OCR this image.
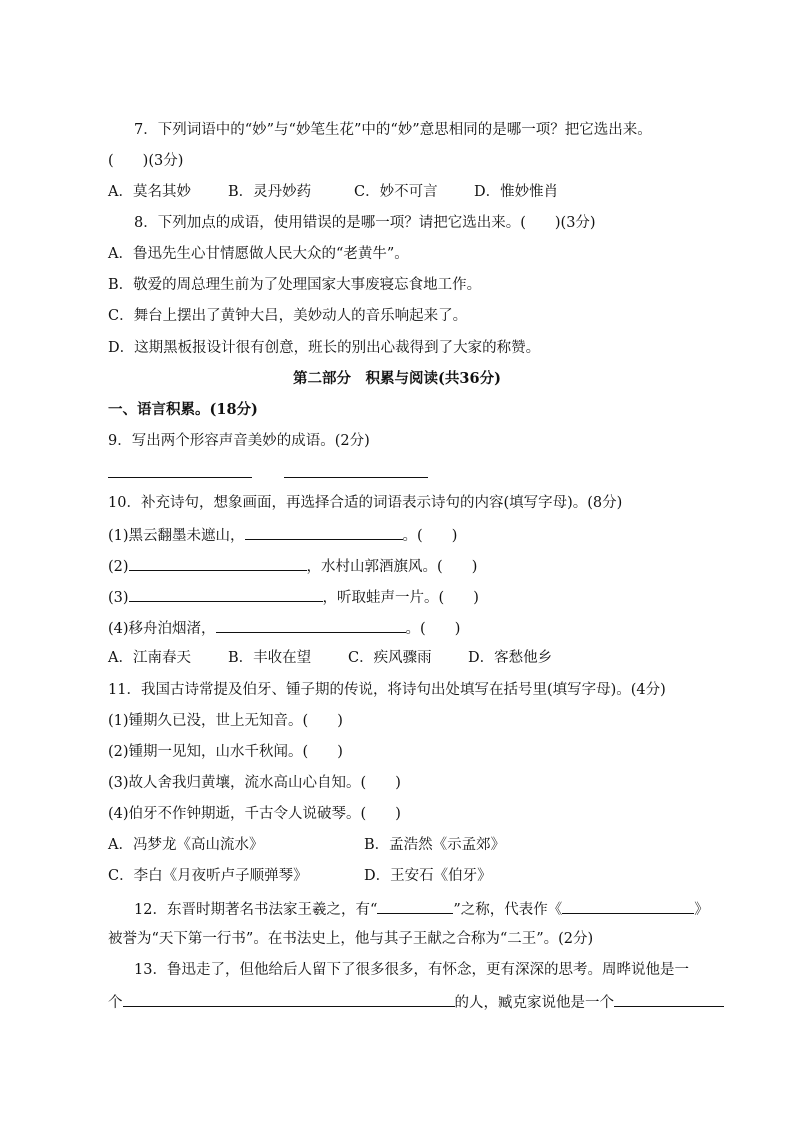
7．下列词语中的“妙”与“妙笔生花”中的“妙”意思相同的是哪一项？把它选出来。
(　　)(3分)
A．莫名其妙	B．灵丹妙药	C．妙不可言	D．惟妙惟肖
8．下列加点的成语，使用错误的是哪一项？请把它选出来。(　　)(3分)
A．鲁迅先生心甘情愿做人民大众的“老黄牛”。
B．敬爱的周总理生前为了处理国家大事废寝忘食地工作。
C．舞台上摆出了黄钟大吕，美妙动人的音乐响起来了。
D．这期黑板报设计很有创意，班长的别出心裁得到了大家的称赞。
第二部分　积累与阅读(共36分)
一、语言积累。(18分)
9．写出两个形容声音美妙的成语。(2分)
10．补充诗句，想象画面，再选择合适的词语表示诗句的内容(填写字母)。(8分)
(1)黑云翻墨未遮山，	。(　　)
(2)	，水村山郭酒旗风。(　　)
(3)	，听取蛙声一片。(　　)
(4)移舟泊烟渚，	。(　　)
A．江南春天	B．丰收在望	C．疾风骤雨	D．客愁他乡
11．我国古诗常提及伯牙、锺子期的传说，将诗句出处填写在括号里(填写字母)。(4分)
(1)锺期久已没，世上无知音。(　　)
(2)锺期一见知，山水千秋闻。(　　)
(3)故人舍我归黄壤，流水高山心自知。(　　)
(4)伯牙不作钟期逝，千古令人说破琴。(　　)
A．冯梦龙《高山流水》	B．孟浩然《示孟郊》
C．李白《月夜听卢子顺弹琴》	D．王安石《伯牙》
12．东晋时期著名书法家王羲之，有“	”之称，代表作《	》
被誉为“天下第一行书”。在书法史上，他与其子王献之合称为“二王”。(2分)
13．鲁迅走了，但他给后人留下了很多很多，有怀念，更有深深的思考。周晔说他是一
个	的人，臧克家说他是一个
